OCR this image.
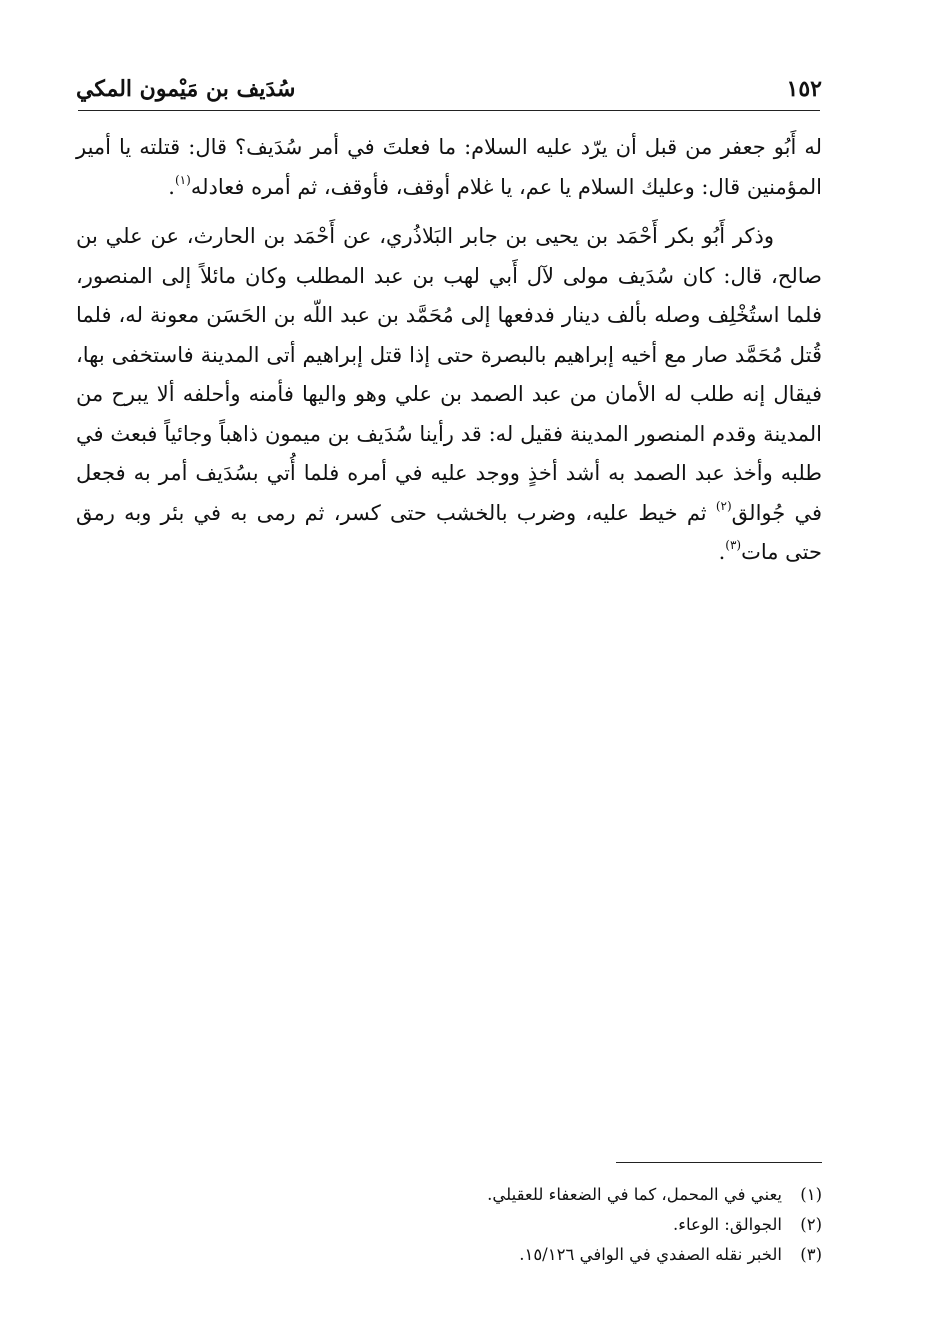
١٥٢
سُدَيف بن مَيْمون المكي

له أَبُو جعفر من قبل أن يرّد عليه السلام: ما فعلتَ في أمر سُدَيف؟ قال: قتلته يا أمير المؤمنين قال: وعليك السلام يا عم، يا غلام أوقف، فأوقف، ثم أمره فعادله$^{(١)}$.

وذكر أَبُو بكر أَحْمَد بن يحيى بن جابر البَلاذُري، عن أَحْمَد بن الحارث، عن علي بن صالح، قال: كان سُدَيف مولى لآل أَبي لهب بن عبد المطلب وكان مائلاً إلى المنصور، فلما استُخْلِف وصله بألف دينار فدفعها إلى مُحَمَّد بن عبد اللّه بن الحَسَن معونة له، فلما قُتل مُحَمَّد صار مع أخيه إبراهيم بالبصرة حتى إذا قتل إبراهيم أتى المدينة فاستخفى بها، فيقال إنه طلب له الأمان من عبد الصمد بن علي وهو واليها فأمنه وأحلفه ألا يبرح من المدينة وقدم المنصور المدينة فقيل له: قد رأينا سُدَيف بن ميمون ذاهباً وجائياً فبعث في طلبه وأخذ عبد الصمد به أشد أخذٍ ووجد عليه في أمره فلما أُتي بسُدَيف أمر به فجعل في جُوالق$^{(٢)}$ ثم خيط عليه، وضرب بالخشب حتى كسر، ثم رمى به في بئر وبه رمق حتى مات$^{(٣)}$.

(١)
يعني في المحمل، كما في الضعفاء للعقيلي.
(٢)
الجوالق: الوعاء.
(٣)
الخبر نقله الصفدي في الوافي ١٥/١٢٦.
